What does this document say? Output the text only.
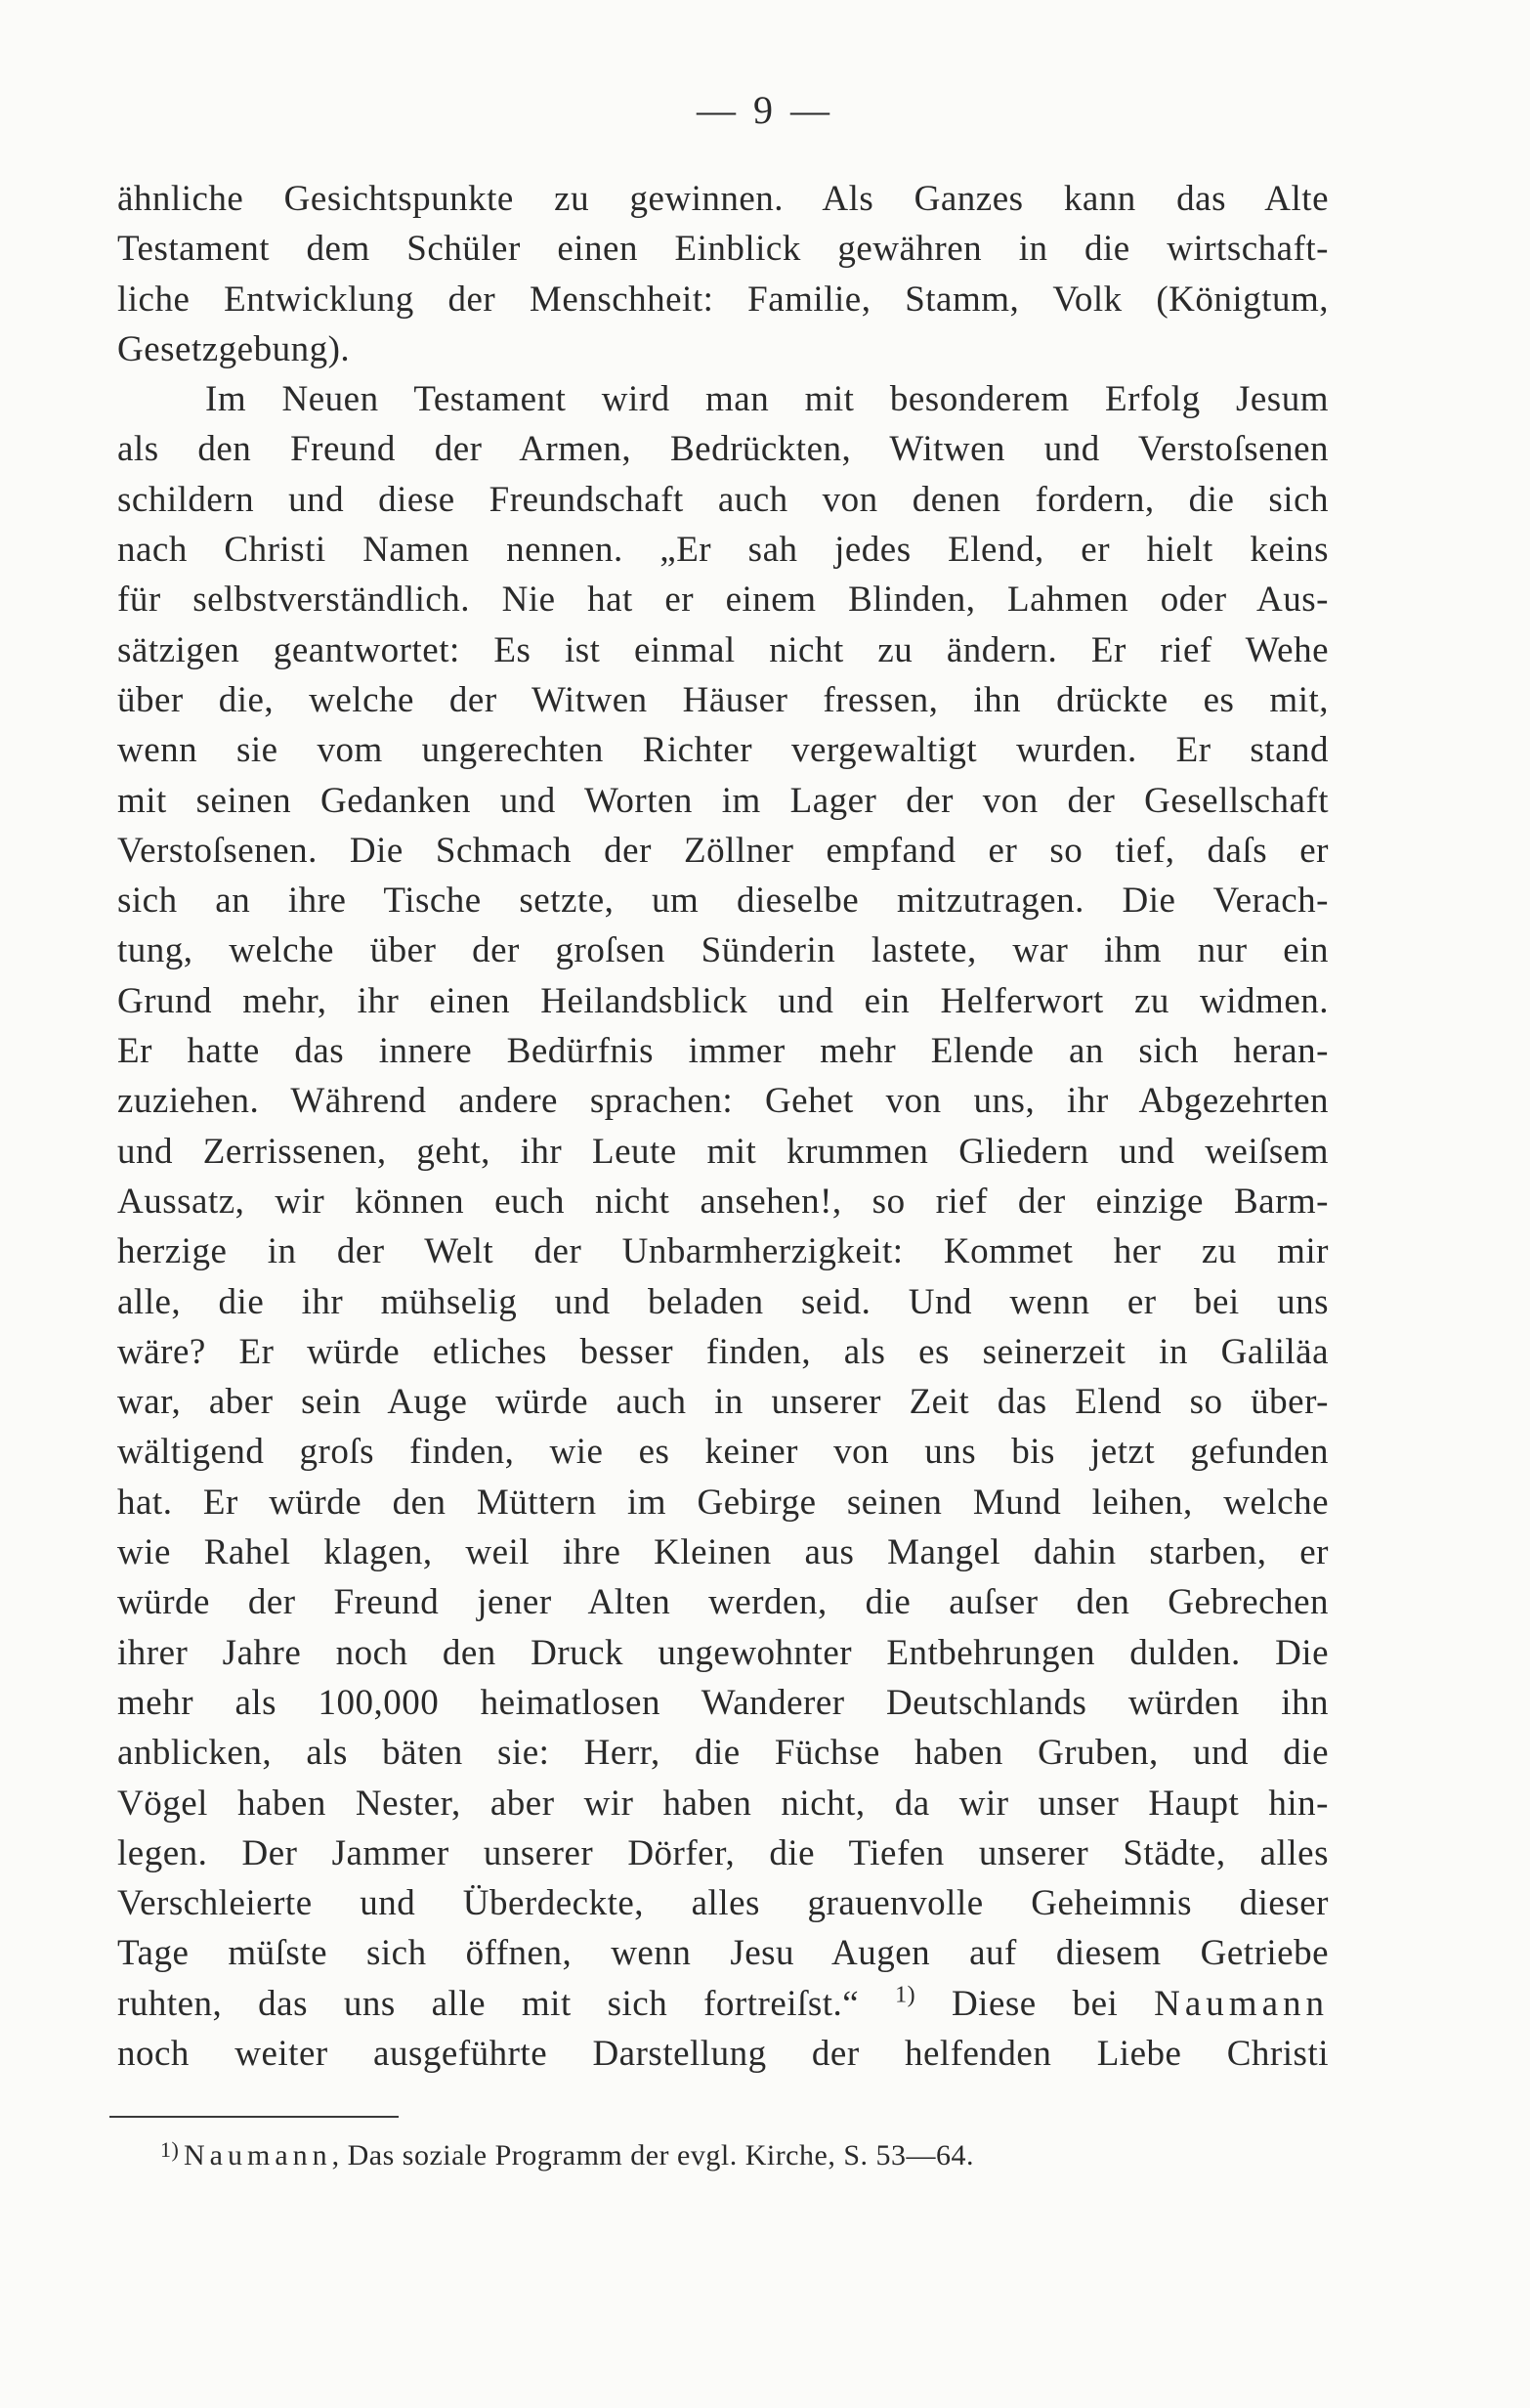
— 9 —
ähnliche Gesichtspunkte zu gewinnen. Als Ganzes kann das Alte
Testament dem Schüler einen Einblick gewähren in die wirtschaft-
liche Entwicklung der Menschheit: Familie, Stamm, Volk (Königtum,
Gesetzgebung).
Im Neuen Testament wird man mit besonderem Erfolg Jesum
als den Freund der Armen, Bedrückten, Witwen und Verstoſsenen
schildern und diese Freundschaft auch von denen fordern, die sich
nach Christi Namen nennen. „Er sah jedes Elend, er hielt keins
für selbstverständlich. Nie hat er einem Blinden, Lahmen oder Aus-
sätzigen geantwortet: Es ist einmal nicht zu ändern. Er rief Wehe
über die, welche der Witwen Häuser fressen, ihn drückte es mit,
wenn sie vom ungerechten Richter vergewaltigt wurden. Er stand
mit seinen Gedanken und Worten im Lager der von der Gesellschaft
Verstoſsenen. Die Schmach der Zöllner empfand er so tief, daſs er
sich an ihre Tische setzte, um dieselbe mitzutragen. Die Verach-
tung, welche über der groſsen Sünderin lastete, war ihm nur ein
Grund mehr, ihr einen Heilandsblick und ein Helferwort zu widmen.
Er hatte das innere Bedürfnis immer mehr Elende an sich heran-
zuziehen. Während andere sprachen: Gehet von uns, ihr Abgezehrten
und Zerrissenen, geht, ihr Leute mit krummen Gliedern und weiſsem
Aussatz, wir können euch nicht ansehen!, so rief der einzige Barm-
herzige in der Welt der Unbarmherzigkeit: Kommet her zu mir
alle, die ihr mühselig und beladen seid. Und wenn er bei uns
wäre? Er würde etliches besser finden, als es seinerzeit in Galiläa
war, aber sein Auge würde auch in unserer Zeit das Elend so über-
wältigend groſs finden, wie es keiner von uns bis jetzt gefunden
hat. Er würde den Müttern im Gebirge seinen Mund leihen, welche
wie Rahel klagen, weil ihre Kleinen aus Mangel dahin starben, er
würde der Freund jener Alten werden, die auſser den Gebrechen
ihrer Jahre noch den Druck ungewohnter Entbehrungen dulden. Die
mehr als 100,000 heimatlosen Wanderer Deutschlands würden ihn
anblicken, als bäten sie: Herr, die Füchse haben Gruben, und die
Vögel haben Nester, aber wir haben nicht, da wir unser Haupt hin-
legen. Der Jammer unserer Dörfer, die Tiefen unserer Städte, alles
Verschleierte und Überdeckte, alles grauenvolle Geheimnis dieser
Tage müſste sich öffnen, wenn Jesu Augen auf diesem Getriebe
ruhten, das uns alle mit sich fortreiſst.“ $^{1)}$ Diese bei Naumann
noch weiter ausgeführte Darstellung der helfenden Liebe Christi
1) Naumann, Das soziale Programm der evgl. Kirche, S. 53—64.
